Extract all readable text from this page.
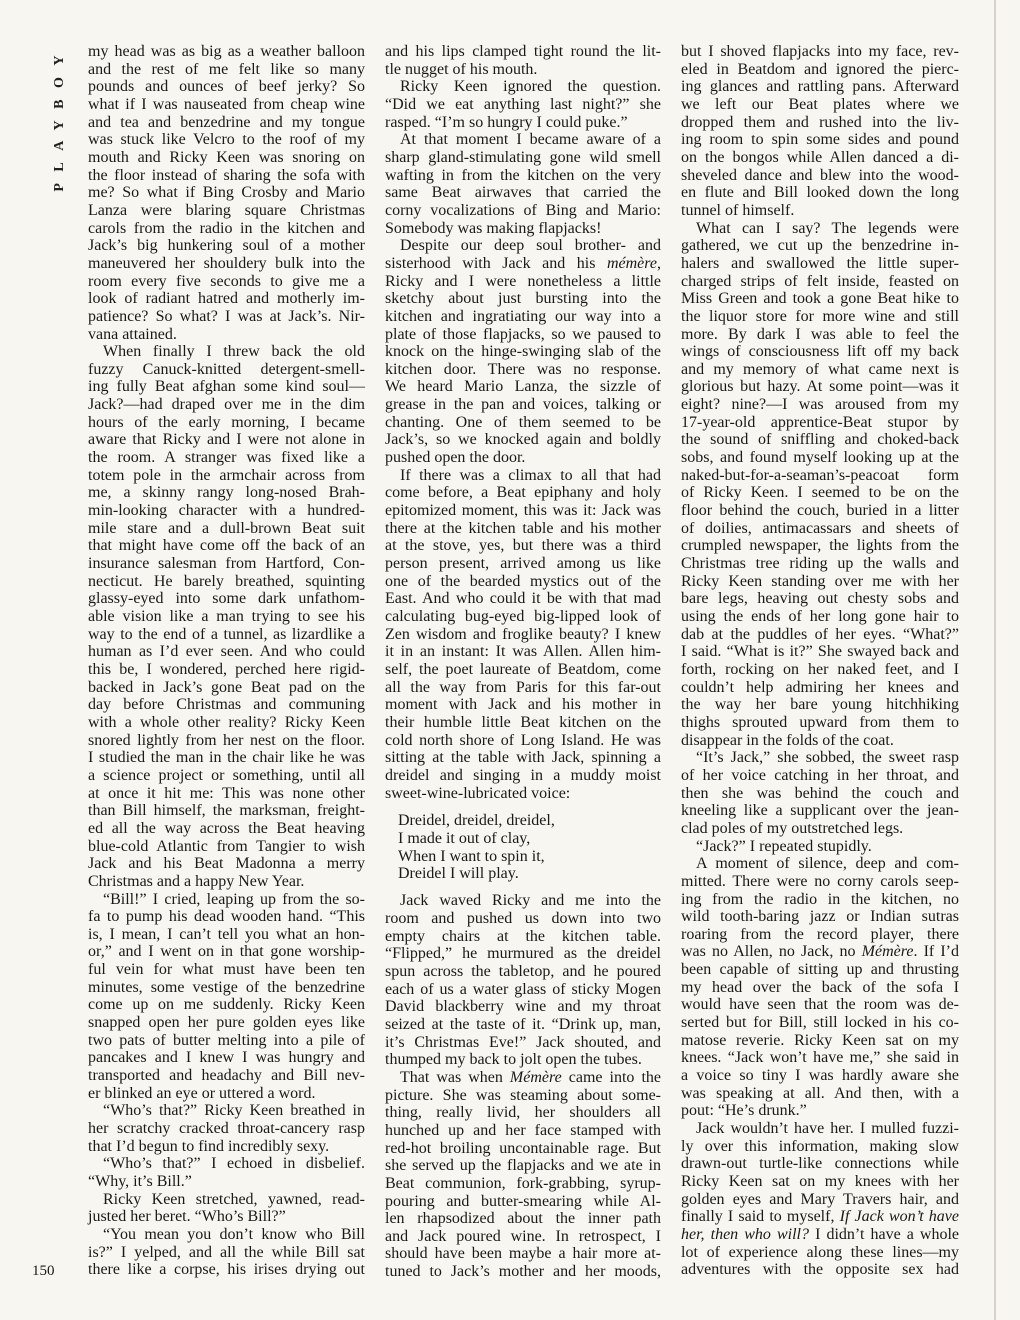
PLAYBOY my head was as big as a weather balloon
and the rest of me felt like so many
pounds and ounces of beef jerky? So
what if I was nauseated from cheap wine
and tea and benzedrine and my tongue
was stuck like Velcro to the roof of my
mouth and Ricky Keen was snoring on
the floor instead of sharing the sofa with
me? So what if Bing Crosby and Mario
Lanza were blaring square Christmas
carols from the radio in the kitchen and
Jack’s big hunkering soul of a mother
maneuvered her shouldery bulk into the
room every five seconds to give me a
look of radiant hatred and motherly im-
patience? So what? I was at Jack’s. Nir-
vana attained.
When finally I threw back the old
fuzzy Canuck-knitted detergent-smell-
ing fully Beat afghan some kind soul—
Jack?—had draped over me in the dim
hours of the early morning, I became
aware that Ricky and I were not alone in
the room. A stranger was fixed like a
totem pole in the armchair across from
me, a skinny rangy long-nosed Brah-
min-looking character with a hundred-
mile stare and a dull-brown Beat suit
that might have come off the back of an
insurance salesman from Hartford, Con-
necticut. He barely breathed, squinting
glassy-eyed into some dark unfathom-
able vision like a man trying to see his
way to the end of a tunnel, as lizardlike a
human as I’d ever seen. And who could
this be, I wondered, perched here rigid-
backed in Jack’s gone Beat pad on the
day before Christmas and communing
with a whole other reality? Ricky Keen
snored lightly from her nest on the floor.
I studied the man in the chair like he was
a science project or something, until all
at once it hit me: This was none other
than Bill himself, the marksman, freight-
ed all the way across the Beat heaving
blue-cold Atlantic from Tangier to wish
Jack and his Beat Madonna a merry
Christmas and a happy New Year.
“Bill!” I cried, leaping up from the so-
fa to pump his dead wooden hand. “This
is, I mean, I can’t tell you what an hon-
or,” and I went on in that gone worship-
ful vein for what must have been ten
minutes, some vestige of the benzedrine
come up on me suddenly. Ricky Keen
snapped open her pure golden eyes like
two pats of butter melting into a pile of
pancakes and I knew I was hungry and
transported and headachy and Bill nev-
er blinked an eye or uttered a word.
“Who’s that?” Ricky Keen breathed in
her scratchy cracked throat-cancery rasp
that I’d begun to find incredibly sexy.
“Who’s that?” I echoed in disbelief.
“Why, it’s Bill.”
Ricky Keen stretched, yawned, read-
justed her beret. “Who’s Bill?”
“You mean you don’t know who Bill
is?” I yelped, and all the while Bill sat
there like a corpse, his irises drying out
and his lips clamped tight round the lit-
tle nugget of his mouth.
Ricky Keen ignored the question.
“Did we eat anything last night?” she
rasped. “I’m so hungry I could puke.”
At that moment I became aware of a
sharp gland-stimulating gone wild smell
wafting in from the kitchen on the very
same Beat airwaves that carried the
corny vocalizations of Bing and Mario:
Somebody was making flapjacks!
Despite our deep soul brother- and
sisterhood with Jack and his mémère,
Ricky and I were nonetheless a little
sketchy about just bursting into the
kitchen and ingratiating our way into a
plate of those flapjacks, so we paused to
knock on the hinge-swinging slab of the
kitchen door. There was no response.
We heard Mario Lanza, the sizzle of
grease in the pan and voices, talking or
chanting. One of them seemed to be
Jack’s, so we knocked again and boldly
pushed open the door.
If there was a climax to all that had
come before, a Beat epiphany and holy
epitomized moment, this was it: Jack was
there at the kitchen table and his mother
at the stove, yes, but there was a third
person present, arrived among us like
one of the bearded mystics out of the
East. And who could it be with that mad
calculating bug-eyed big-lipped look of
Zen wisdom and froglike beauty? I knew
it in an instant: It was Allen. Allen him-
self, the poet laureate of Beatdom, come
all the way from Paris for this far-out
moment with Jack and his mother in
their humble little Beat kitchen on the
cold north shore of Long Island. He was
sitting at the table with Jack, spinning a
dreidel and singing in a muddy moist
sweet-wine-lubricated voice:
Dreidel, dreidel, dreidel,
I made it out of clay,
When I want to spin it,
Dreidel I will play.
Jack waved Ricky and me into the
room and pushed us down into two
empty chairs at the kitchen table.
“Flipped,” he murmured as the dreidel
spun across the tabletop, and he poured
each of us a water glass of sticky Mogen
David blackberry wine and my throat
seized at the taste of it. “Drink up, man,
it’s Christmas Eve!” Jack shouted, and
thumped my back to jolt open the tubes.
That was when Mémère came into the
picture. She was steaming about some-
thing, really livid, her shoulders all
hunched up and her face stamped with
red-hot broiling uncontainable rage. But
she served up the flapjacks and we ate in
Beat communion, fork-grabbing, syrup-
pouring and butter-smearing while Al-
len rhapsodized about the inner path
and Jack poured wine. In retrospect, I
should have been maybe a hair more at-
tuned to Jack’s mother and her moods,
but I shoved flapjacks into my face, rev-
eled in Beatdom and ignored the pierc-
ing glances and rattling pans. Afterward
we left our Beat plates where we
dropped them and rushed into the liv-
ing room to spin some sides and pound
on the bongos while Allen danced a di-
sheveled dance and blew into the wood-
en flute and Bill looked down the long
tunnel of himself.
What can I say? The legends were
gathered, we cut up the benzedrine in-
halers and swallowed the little super-
charged strips of felt inside, feasted on
Miss Green and took a gone Beat hike to
the liquor store for more wine and still
more. By dark I was able to feel the
wings of consciousness lift off my back
and my memory of what came next is
glorious but hazy. At some point—was it
eight? nine?—I was aroused from my
17-year-old apprentice-Beat stupor by
the sound of sniffling and choked-back
sobs, and found myself looking up at the
naked-but-for-a-seaman’s-peacoat form
of Ricky Keen. I seemed to be on the
floor behind the couch, buried in a litter
of doilies, antimacassars and sheets of
crumpled newspaper, the lights from the
Christmas tree riding up the walls and
Ricky Keen standing over me with her
bare legs, heaving out chesty sobs and
using the ends of her long gone hair to
dab at the puddles of her eyes. “What?”
I said. “What is it?” She swayed back and
forth, rocking on her naked feet, and I
couldn’t help admiring her knees and
the way her bare young hitchhiking
thighs sprouted upward from them to
disappear in the folds of the coat.
“It’s Jack,” she sobbed, the sweet rasp
of her voice catching in her throat, and
then she was behind the couch and
kneeling like a supplicant over the jean-
clad poles of my outstretched legs.
“Jack?” I repeated stupidly.
A moment of silence, deep and com-
mitted. There were no corny carols seep-
ing from the radio in the kitchen, no
wild tooth-baring jazz or Indian sutras
roaring from the record player, there
was no Allen, no Jack, no Mémère. If I’d
been capable of sitting up and thrusting
my head over the back of the sofa I
would have seen that the room was de-
serted but for Bill, still locked in his co-
matose reverie. Ricky Keen sat on my
knees. “Jack won’t have me,” she said in
a voice so tiny I was hardly aware she
was speaking at all. And then, with a
pout: “He’s drunk.”
Jack wouldn’t have her. I mulled fuzzi-
ly over this information, making slow
drawn-out turtle-like connections while
Ricky Keen sat on my knees with her
golden eyes and Mary Travers hair, and
finally I said to myself, If Jack won’t have
her, then who will? I didn’t have a whole
lot of experience along these lines—my
adventures with the opposite sex had
150
